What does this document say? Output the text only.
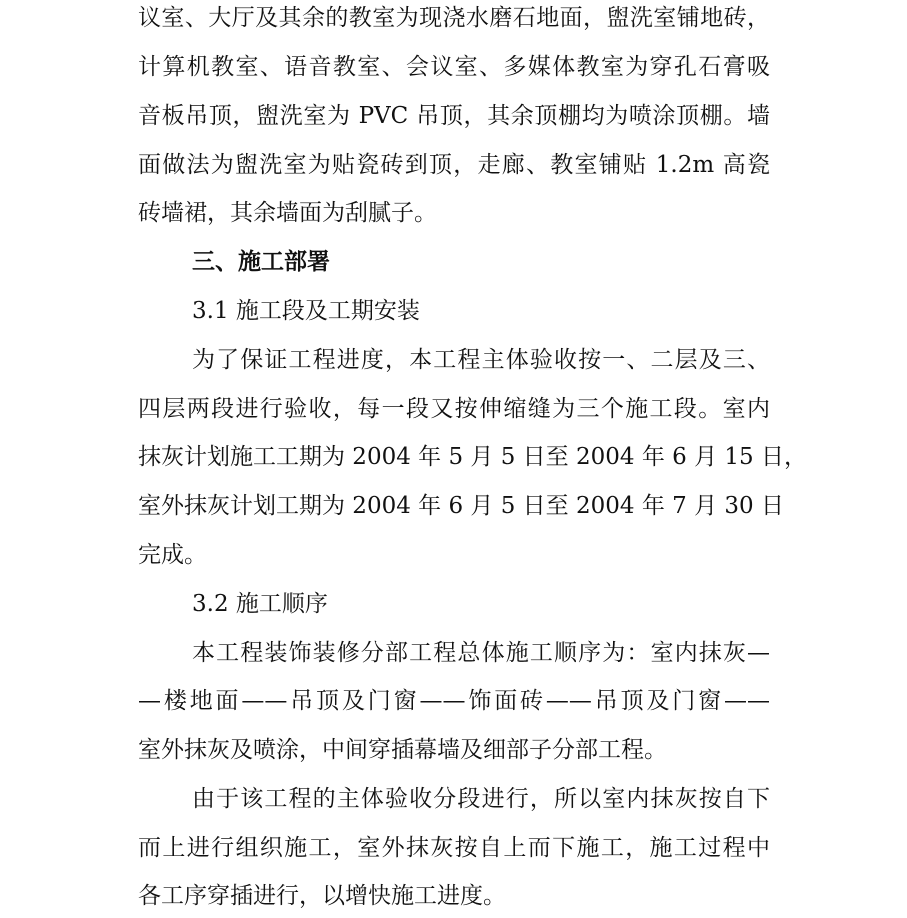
议室、大厅及其余的教室为现浇水磨石地面，盥洗室铺地砖，
计算机教室、语音教室、会议室、多媒体教室为穿孔石膏吸
音板吊顶，盥洗室为 PVC 吊顶，其余顶棚均为喷涂顶棚。墙
面做法为盥洗室为贴瓷砖到顶，走廊、教室铺贴 1.2m 高瓷
砖墙裙，其余墙面为刮腻子。
三、施工部署
3.1 施工段及工期安装
为了保证工程进度，本工程主体验收按一、二层及三、
四层两段进行验收，每一段又按伸缩缝为三个施工段。室内
抹灰计划施工工期为 2004 年 5 月 5 日至 2004 年 6 月 15 日，
室外抹灰计划工期为 2004 年 6 月 5 日至 2004 年 7 月 30 日
完成。
3.2 施工顺序
本工程装饰装修分部工程总体施工顺序为：室内抹灰—
—楼地面——吊顶及门窗——饰面砖——吊顶及门窗——
室外抹灰及喷涂，中间穿插幕墙及细部子分部工程。
由于该工程的主体验收分段进行，所以室内抹灰按自下
而上进行组织施工，室外抹灰按自上而下施工，施工过程中
各工序穿插进行，以增快施工进度。
